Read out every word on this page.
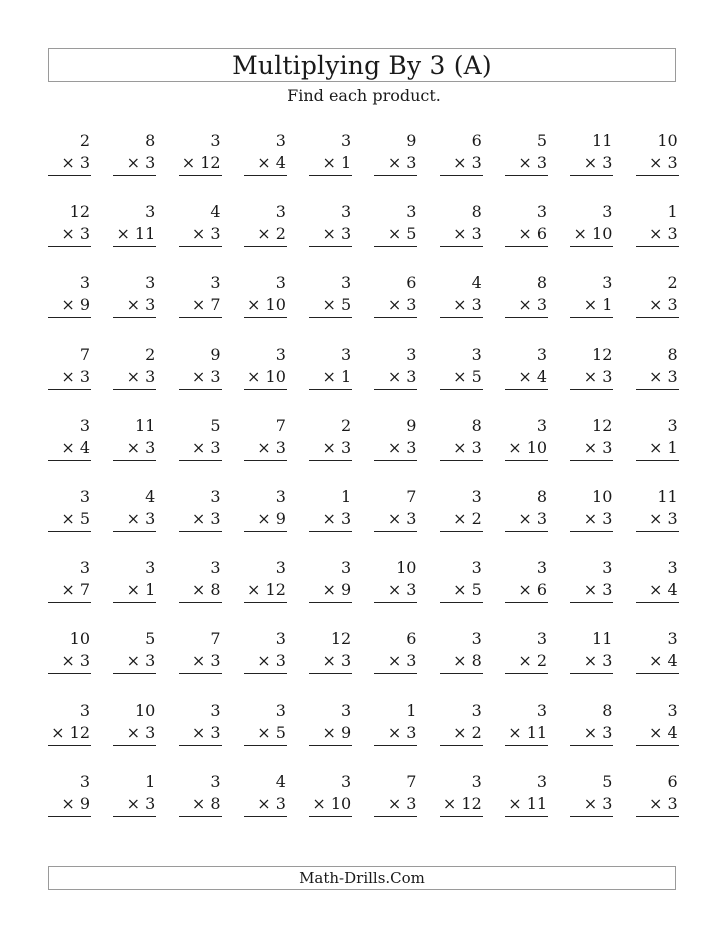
Multiplying By 3 (A)
Find each product.
2
× 3
8
× 3
3
× 12
3
× 4
3
× 1
9
× 3
6
× 3
5
× 3
11
× 3
10
× 3
12
× 3
3
× 11
4
× 3
3
× 2
3
× 3
3
× 5
8
× 3
3
× 6
3
× 10
1
× 3
3
× 9
3
× 3
3
× 7
3
× 10
3
× 5
6
× 3
4
× 3
8
× 3
3
× 1
2
× 3
7
× 3
2
× 3
9
× 3
3
× 10
3
× 1
3
× 3
3
× 5
3
× 4
12
× 3
8
× 3
3
× 4
11
× 3
5
× 3
7
× 3
2
× 3
9
× 3
8
× 3
3
× 10
12
× 3
3
× 1
3
× 5
4
× 3
3
× 3
3
× 9
1
× 3
7
× 3
3
× 2
8
× 3
10
× 3
11
× 3
3
× 7
3
× 1
3
× 8
3
× 12
3
× 9
10
× 3
3
× 5
3
× 6
3
× 3
3
× 4
10
× 3
5
× 3
7
× 3
3
× 3
12
× 3
6
× 3
3
× 8
3
× 2
11
× 3
3
× 4
3
× 12
10
× 3
3
× 3
3
× 5
3
× 9
1
× 3
3
× 2
3
× 11
8
× 3
3
× 4
3
× 9
1
× 3
3
× 8
4
× 3
3
× 10
7
× 3
3
× 12
3
× 11
5
× 3
6
× 3
Math-Drills.Com
